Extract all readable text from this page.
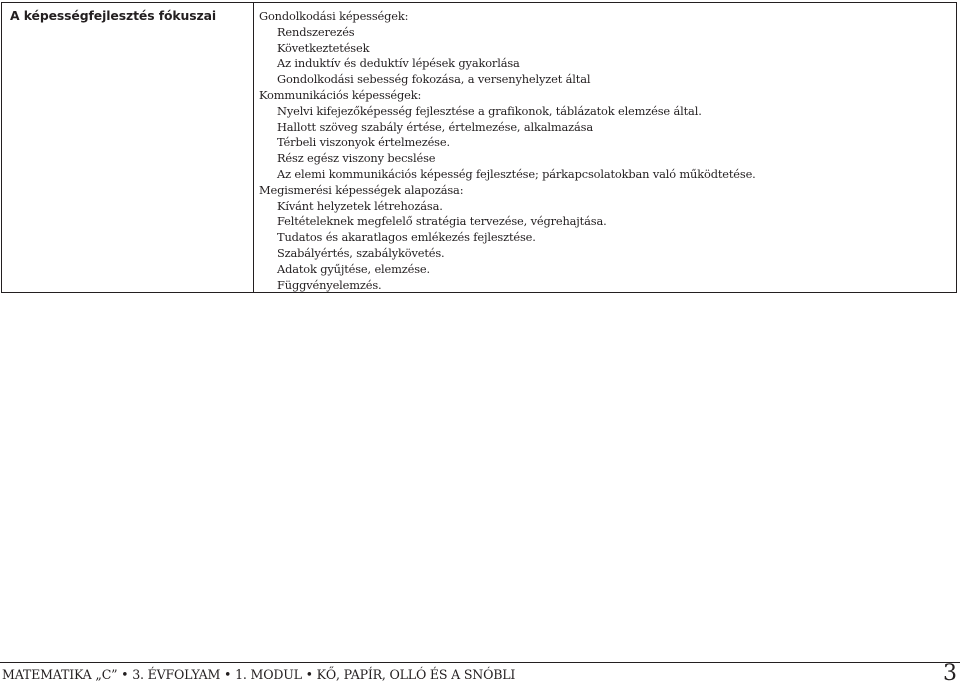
A képességfejlesztés fókuszai	Gondolkodási képességek:

Rendszerezés
Következtetések
Az induktív és deduktív lépések gyakorlása
Gondolkodási sebesség fokozása, a versenyhelyzet által

Kommunikációs képességek:

Nyelvi kifejezőképesség fejlesztése a grafikonok, táblázatok elemzése által.
Hallott szöveg szabály értése, értelmezése, alkalmazása
Térbeli viszonyok értelmezése.
Rész egész viszony becslése
Az elemi kommunikációs képesség fejlesztése; párkapcsolatokban való működtetése.

Megismerési képességek alapozása:

Kívánt helyzetek létrehozása.
Feltételeknek megfelelő stratégia tervezése, végrehajtása.
Tudatos és akaratlagos emlékezés fejlesztése.
Szabályértés, szabálykövetés.
Adatok gyűjtése, elemzése.
Függvényelemzés.
MATEMATIKA „C” • 3. ÉVFOLYAM • 1. MODUL • KŐ, PAPÍR, OLLÓ ÉS A SNÓBLI	3
